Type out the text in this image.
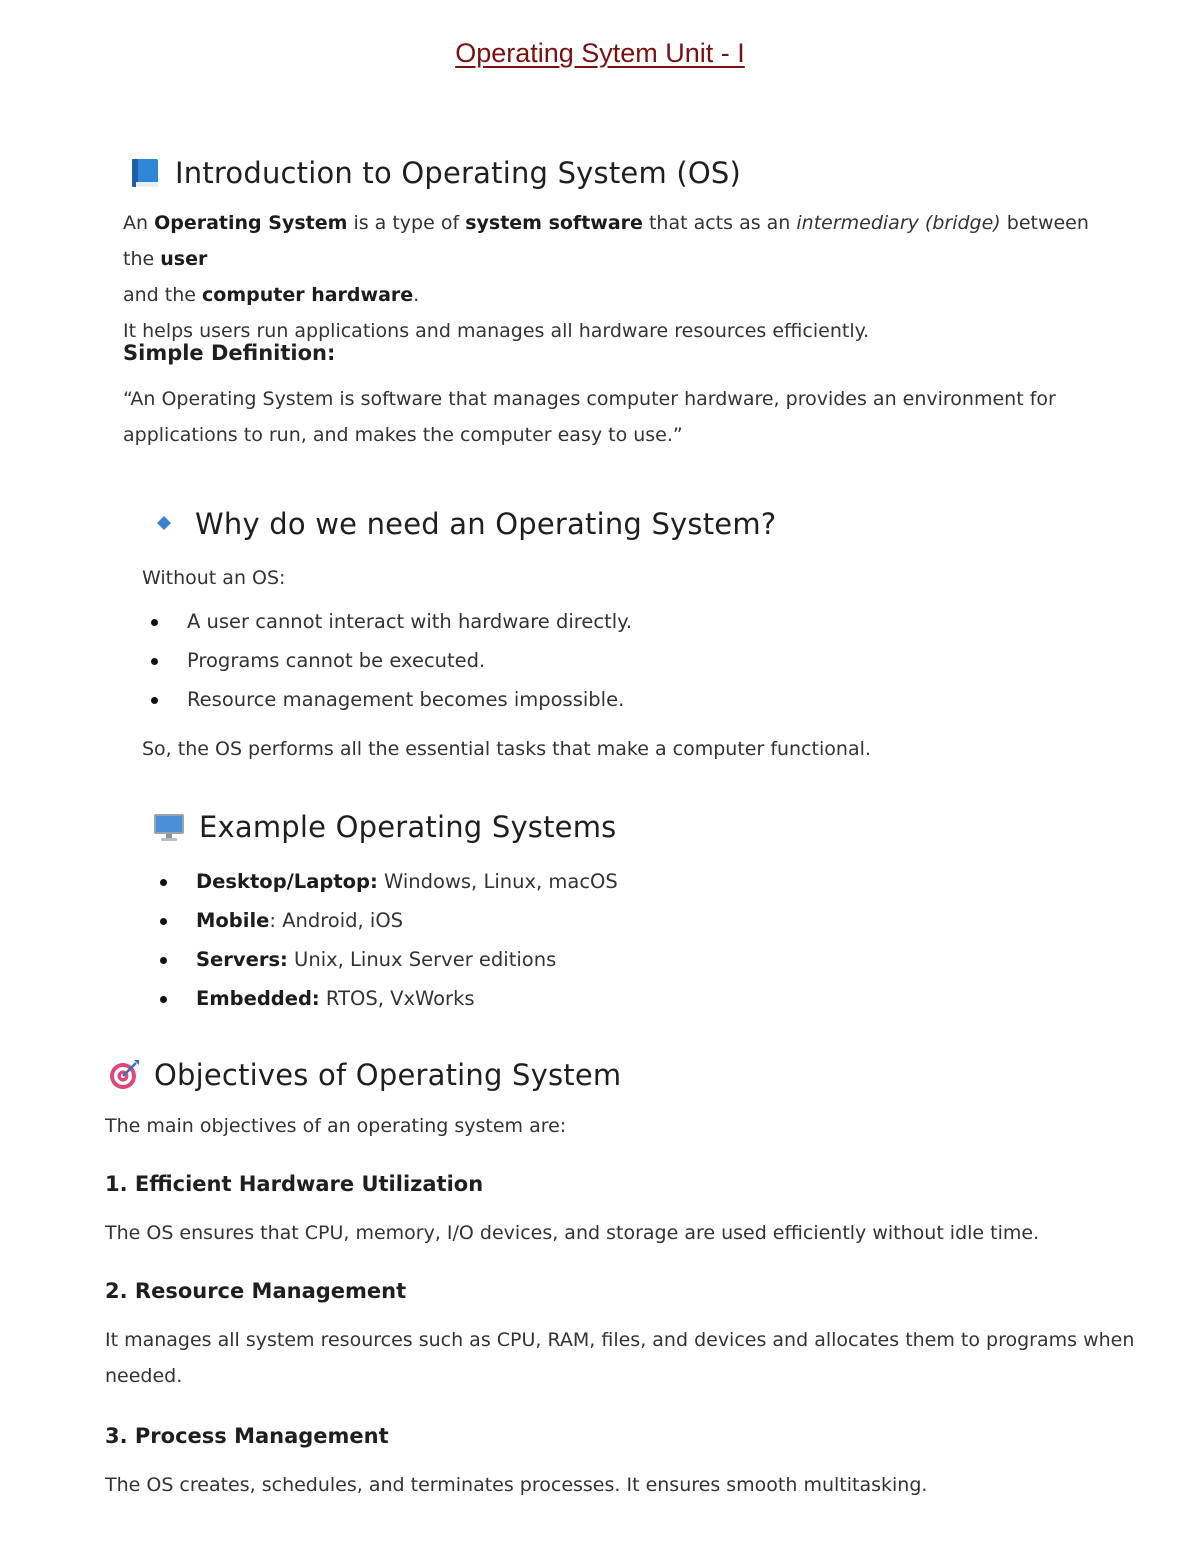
Operating Sytem Unit - I
Introduction to Operating System (OS)
An Operating System is a type of system software that acts as an intermediary (bridge) between the user
and the computer hardware.
It helps users run applications and manages all hardware resources efficiently.
Simple Definition:
“An Operating System is software that manages computer hardware, provides an environment for
applications to run, and makes the computer easy to use.”
Why do we need an Operating System?
Without an OS:
A user cannot interact with hardware directly.
Programs cannot be executed.
Resource management becomes impossible.
So, the OS performs all the essential tasks that make a computer functional.
Example Operating Systems
Desktop/Laptop: Windows, Linux, macOS
Mobile: Android, iOS
Servers: Unix, Linux Server editions
Embedded: RTOS, VxWorks
Objectives of Operating System
The main objectives of an operating system are:
1. Efficient Hardware Utilization
The OS ensures that CPU, memory, I/O devices, and storage are used efficiently without idle time.
2. Resource Management
It manages all system resources such as CPU, RAM, files, and devices and allocates them to programs when
needed.
3. Process Management
The OS creates, schedules, and terminates processes. It ensures smooth multitasking.
